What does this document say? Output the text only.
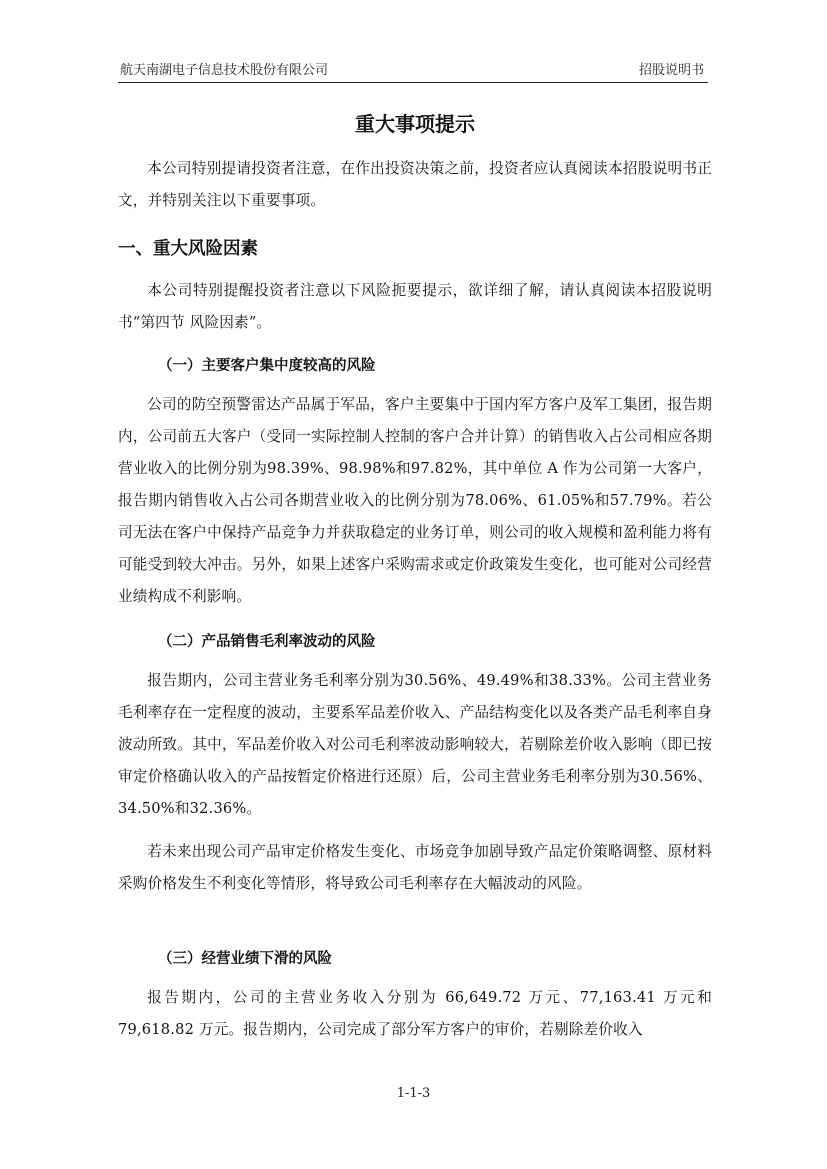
航天南湖电子信息技术股份有限公司	招股说明书
重大事项提示

本公司特别提请投资者注意，在作出投资决策之前，投资者应认真阅读本招股说明书正文，并特别关注以下重要事项。

一、重大风险因素

本公司特别提醒投资者注意以下风险扼要提示，欲详细了解，请认真阅读本招股说明书“第四节 风险因素”。

（一）主要客户集中度较高的风险

公司的防空预警雷达产品属于军品，客户主要集中于国内军方客户及军工集团，报告期内，公司前五大客户（受同一实际控制人控制的客户合并计算）的销售收入占公司相应各期营业收入的比例分别为98.39%、98.98%和97.82%，其中单位 A 作为公司第一大客户，报告期内销售收入占公司各期营业收入的比例分别为78.06%、61.05%和57.79%。若公司无法在客户中保持产品竞争力并获取稳定的业务订单，则公司的收入规模和盈利能力将有可能受到较大冲击。另外，如果上述客户采购需求或定价政策发生变化，也可能对公司经营业绩构成不利影响。

（二）产品销售毛利率波动的风险

报告期内，公司主营业务毛利率分别为30.56%、49.49%和38.33%。公司主营业务毛利率存在一定程度的波动，主要系军品差价收入、产品结构变化以及各类产品毛利率自身波动所致。其中，军品差价收入对公司毛利率波动影响较大，若剔除差价收入影响（即已按审定价格确认收入的产品按暂定价格进行还原）后，公司主营业务毛利率分别为30.56%、34.50%和32.36%。

若未来出现公司产品审定价格发生变化、市场竞争加剧导致产品定价策略调整、原材料采购价格发生不利变化等情形，将导致公司毛利率存在大幅波动的风险。

（三）经营业绩下滑的风险

报告期内，公司的主营业务收入分别为 66,649.72 万元、77,163.41 万元和79,618.82 万元。报告期内，公司完成了部分军方客户的审价，若剔除差价收入

1-1-3
